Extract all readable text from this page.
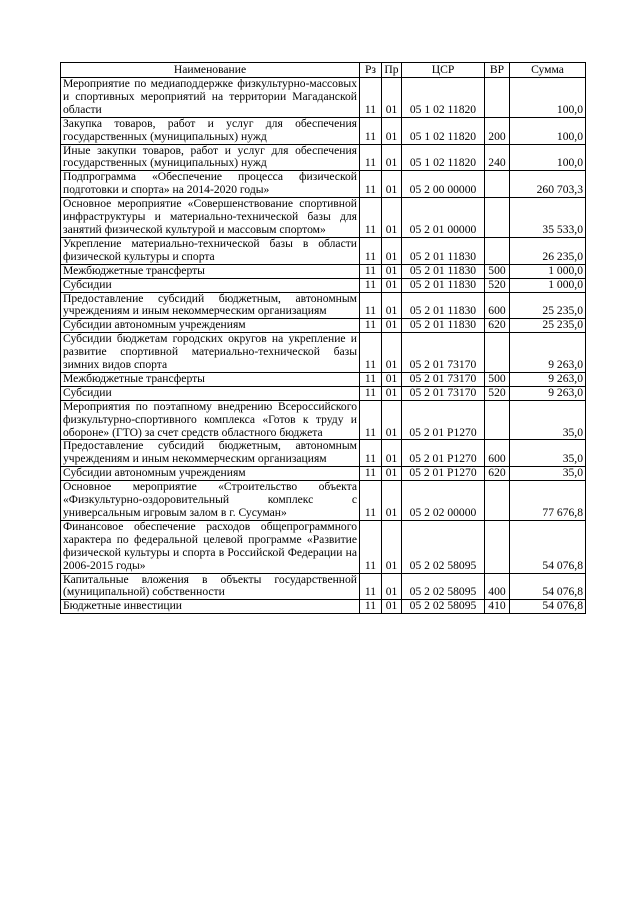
Наименование	Рз	Пр	ЦСР	ВР	Сумма
Мероприятие по медиаподдержке физкультурно-массовых и спортивных мероприятий на территории Магаданской области	11	01	05 1 02 11820		100,0
Закупка товаров, работ и услуг для обеспечения государственных (муниципальных) нужд	11	01	05 1 02 11820	200	100,0
Иные закупки товаров, работ и услуг для обеспечения государственных (муниципальных) нужд	11	01	05 1 02 11820	240	100,0
Подпрограмма «Обеспечение процесса физической подготовки и спорта» на 2014-2020 годы»	11	01	05 2 00 00000		260 703,3
Основное мероприятие «Совершенствование спортивной инфраструктуры и материально-технической базы для занятий физической культурой и массовым спортом»	11	01	05 2 01 00000		35 533,0
Укрепление материально-технической базы в области физической культуры и спорта	11	01	05 2 01 11830		26 235,0
Межбюджетные трансферты	11	01	05 2 01 11830	500	1 000,0
Субсидии	11	01	05 2 01 11830	520	1 000,0
Предоставление субсидий бюджетным, автономным учреждениям и иным некоммерческим организациям	11	01	05 2 01 11830	600	25 235,0
Субсидии автономным учреждениям	11	01	05 2 01 11830	620	25 235,0
Субсидии бюджетам городских округов на укрепление и развитие спортивной материально-технической базы зимних видов спорта	11	01	05 2 01 73170		9 263,0
Межбюджетные трансферты	11	01	05 2 01 73170	500	9 263,0
Субсидии	11	01	05 2 01 73170	520	9 263,0
Мероприятия по поэтапному внедрению Всероссийского физкультурно-спортивного комплекса «Готов к труду и обороне» (ГТО) за счет средств областного бюджета	11	01	05 2 01 Р1270		35,0
Предоставление субсидий бюджетным, автономным учреждениям и иным некоммерческим организациям	11	01	05 2 01 Р1270	600	35,0
Субсидии автономным учреждениям	11	01	05 2 01 Р1270	620	35,0
Основное мероприятие «Строительство объекта «Физкультурно-оздоровительный комплекс с универсальным игровым залом в г. Сусуман»	11	01	05 2 02 00000		77 676,8
Финансовое обеспечение расходов общепрограммного характера по федеральной целевой программе «Развитие физической культуры и спорта в Российской Федерации на 2006-2015 годы»	11	01	05 2 02 58095		54 076,8
Капитальные вложения в объекты государственной (муниципальной) собственности	11	01	05 2 02 58095	400	54 076,8
Бюджетные инвестиции	11	01	05 2 02 58095	410	54 076,8
